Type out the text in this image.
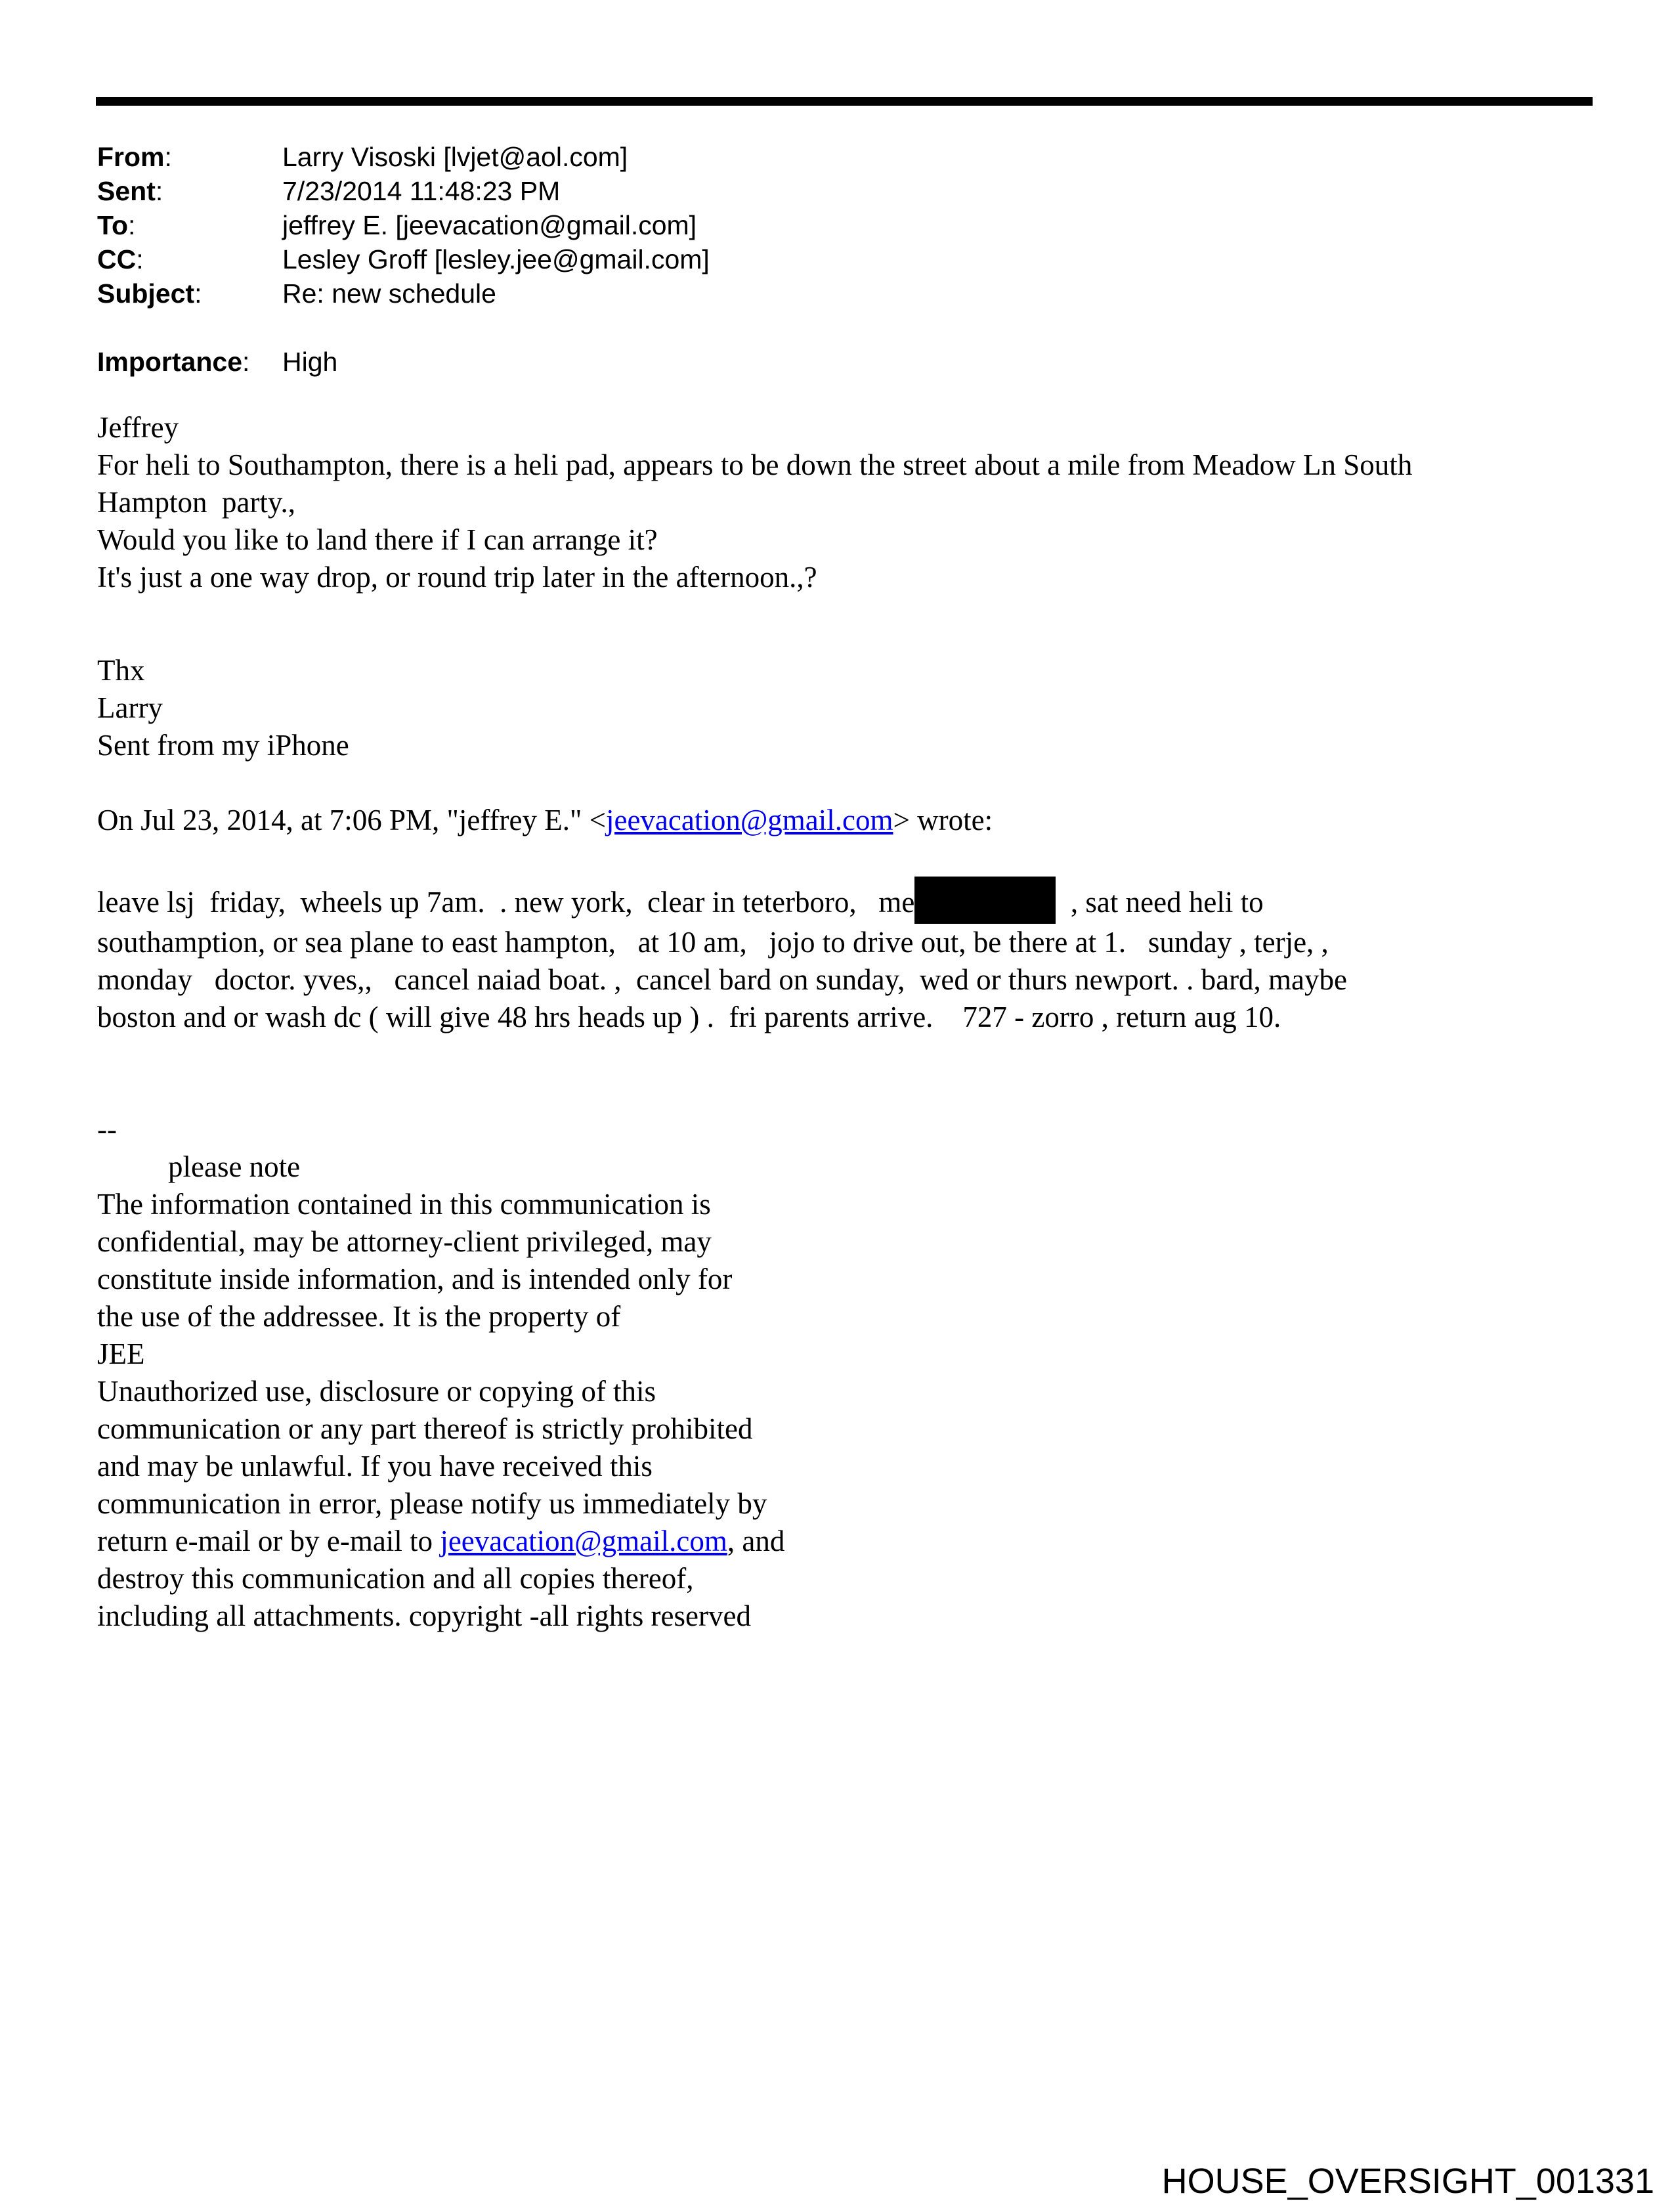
From:	Larry Visoski [lvjet@aol.com]
Sent:	7/23/2014 11:48:23 PM
To:	jeffrey E. [jeevacation@gmail.com]
CC:	Lesley Groff [lesley.jee@gmail.com]
Subject:	Re: new schedule
Importance:	High
Jeffrey
For heli to Southampton, there is a heli pad, appears to be down the street about a mile from Meadow Ln South
Hampton  party.,
Would you like to land there if I can arrange it?
It's just a one way drop, or round trip later in the afternoon.,?
Thx
Larry
Sent from my iPhone
On Jul 23, 2014, at 7:06 PM, "jeffrey E." <jeevacation@gmail.com> wrote:
leave lsj  friday,  wheels up 7am.  . new york,  clear in teterboro,   me	, sat need heli to
southamption, or sea plane to east hampton,   at 10 am,   jojo to drive out, be there at 1.   sunday , terje, ,
monday   doctor. yves,,   cancel naiad boat. ,  cancel bard on sunday,  wed or thurs newport. . bard, maybe
boston and or wash dc ( will give 48 hrs heads up ) .  fri parents arrive.    727 - zorro , return aug 10.
--
please note
The information contained in this communication is
confidential, may be attorney-client privileged, may
constitute inside information, and is intended only for
the use of the addressee. It is the property of
JEE
Unauthorized use, disclosure or copying of this
communication or any part thereof is strictly prohibited
and may be unlawful. If you have received this
communication in error, please notify us immediately by
return e-mail or by e-mail to jeevacation@gmail.com, and
destroy this communication and all copies thereof,
including all attachments. copyright -all rights reserved
HOUSE_OVERSIGHT_001331
